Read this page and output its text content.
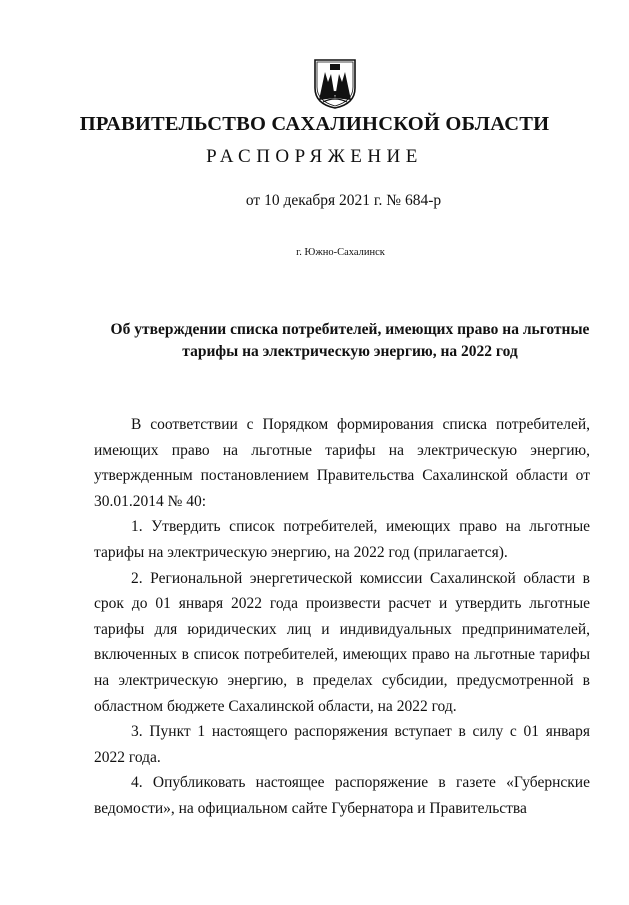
ПРАВИТЕЛЬСТВО САХАЛИНСКОЙ ОБЛАСТИ
РАСПОРЯЖЕНИЕ
от 10 декабря 2021 г. № 684-р
г. Южно-Сахалинск
Об утверждении списка потребителей, имеющих право на льготные тарифы на электрическую энергию, на 2022 год

В соответствии с Порядком формирования списка потребителей, имеющих право на льготные тарифы на электрическую энергию, утвержденным постановлением Правительства Сахалинской области от 30.01.2014 № 40:

1. Утвердить список потребителей, имеющих право на льготные тарифы на электрическую энергию, на 2022 год (прилагается).

2. Региональной энергетической комиссии Сахалинской области в срок до 01 января 2022 года произвести расчет и утвердить льготные тарифы для юридических лиц и индивидуальных предпринимателей, включенных в список потребителей, имеющих право на льготные тарифы на электрическую энергию, в пределах субсидии, предусмотренной в областном бюджете Сахалинской области, на 2022 год.

3. Пункт 1 настоящего распоряжения вступает в силу с 01 января 2022 года.

4. Опубликовать настоящее распоряжение в газете «Губернские ведомости», на официальном сайте Губернатора и Правительства
